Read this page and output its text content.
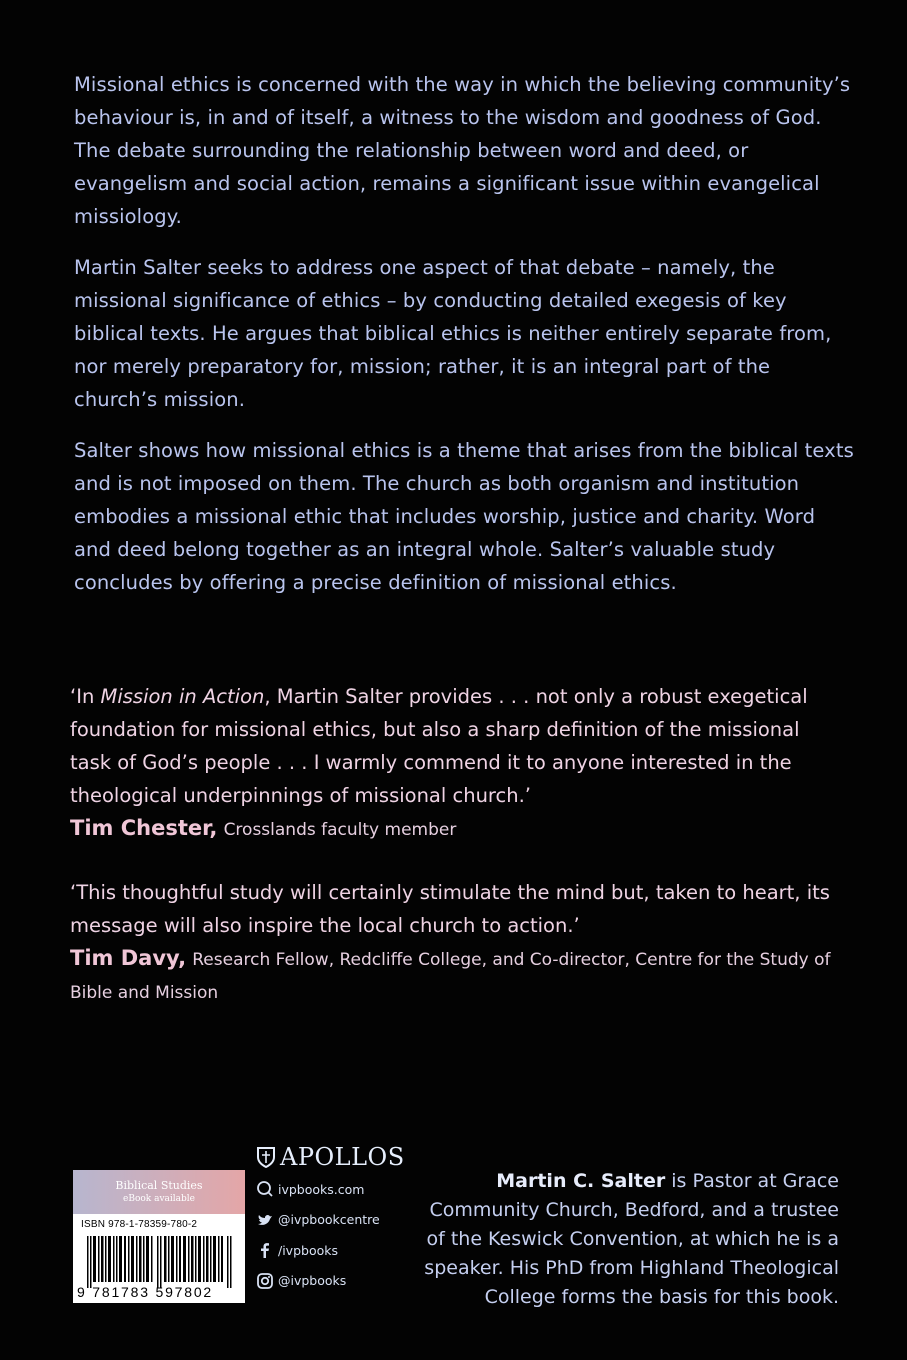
Missional ethics is concerned with the way in which the believing community’s behaviour is, in and of itself, a witness to the wisdom and goodness of God. The debate surrounding the relationship between word and deed, or evangelism and social action, remains a significant issue within evangelical missiology.

Martin Salter seeks to address one aspect of that debate – namely, the missional significance of ethics – by conducting detailed exegesis of key biblical texts. He argues that biblical ethics is neither entirely separate from, nor merely preparatory for, mission; rather, it is an integral part of the church’s mission.

Salter shows how missional ethics is a theme that arises from the biblical texts and is not imposed on them. The church as both organism and institution embodies a missional ethic that includes worship, justice and charity. Word and deed belong together as an integral whole. Salter’s valuable study concludes by offering a precise definition of missional ethics.

‘In Mission in Action, Martin Salter provides . . . not only a robust exegetical foundation for missional ethics, but also a sharp definition of the missional task of God’s people . . . I warmly commend it to anyone interested in the theological underpinnings of missional church.’

Tim Chester, Crosslands faculty member

‘This thoughtful study will certainly stimulate the mind but, taken to heart, its message will also inspire the local church to action.’

Tim Davy, Research Fellow, Redcliffe College, and Co-director, Centre for the Study of Bible and Mission

Biblical Studies
eBook available
ISBN 978-1-78359-780-2
9 781783 597802
APOLLOS
ivpbooks.com
@ivpbookcentre
/ivpbooks
@ivpbooks
Martin C. Salter is Pastor at Grace Community Church, Bedford, and a trustee of the Keswick Convention, at which he is a speaker. His PhD from Highland Theological College forms the basis for this book.
